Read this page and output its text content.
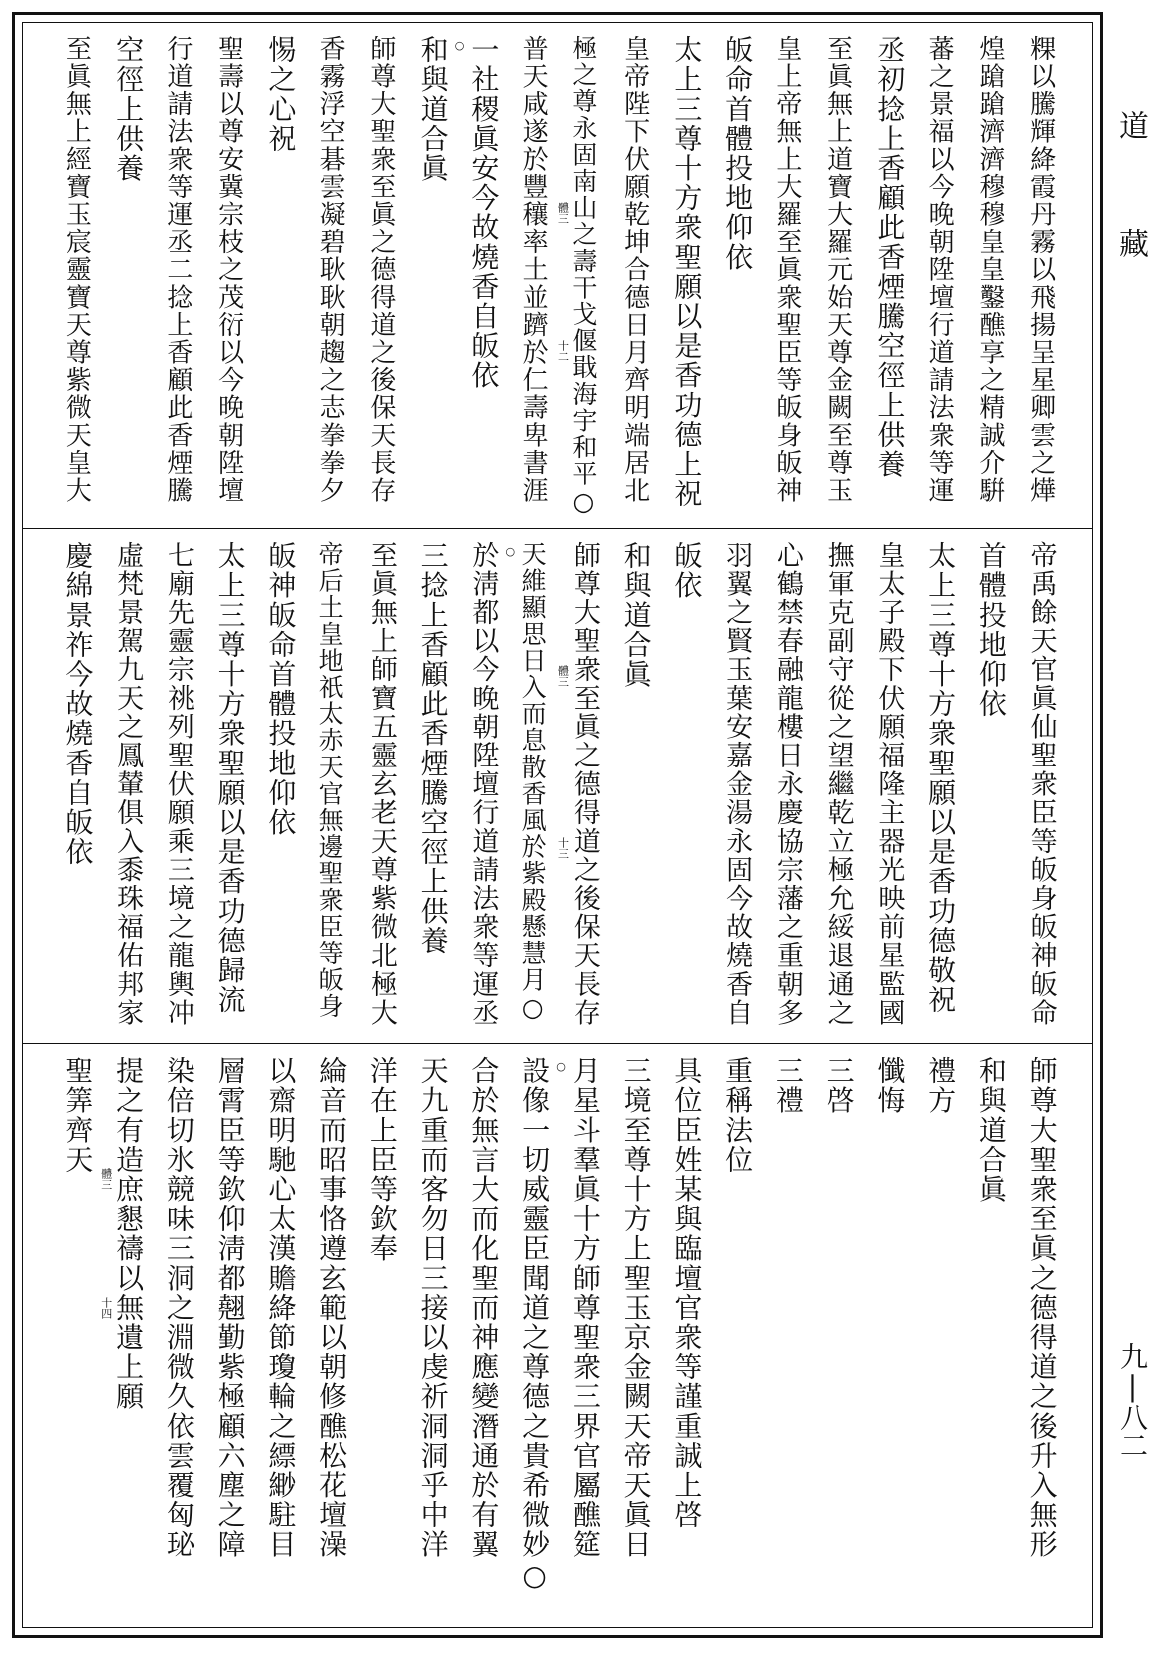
粿以騰輝絳霞丹霧以飛揚呈星卿雲之燁
煌蹌蹌濟濟穆穆皇皇鑿醮享之精誠介騈
蕃之景福以今晚朝陞壇行道請法衆等運
丞初捻上香顧此香煙騰空徑上供養
至眞無上道寶大羅元始天尊金闕至尊玉
皇上帝無上大羅至眞衆聖臣等皈身皈神
皈命首體投地仰依
太上三尊十方衆聖願以是香功德上祝
皇帝陛下伏願乾坤合德日月齊明端居北
極之尊永固南山之壽干戈偃戢海宇和平○
普天咸遂於豐穰率土並躋於仁壽卑書涯
一社稷眞安今故燒香自皈依
和與道合眞
師尊大聖衆至眞之德得道之後保天長存
香霧浮空碁雲凝碧耿耿朝趨之志拳拳夕
惕之心祝
聖壽以尊安冀宗枝之茂衍以今晚朝陞壇
行道請法衆等運丞二捻上香顧此香煙騰
空徑上供養
至眞無上經寶玉宸靈寶天尊紫微天皇大	十二
體三
○
帝禹餘天官眞仙聖衆臣等皈身皈神皈命
首體投地仰依
太上三尊十方衆聖願以是香功德敬祝
皇太子殿下伏願福隆主器光映前星監國
撫軍克副守從之望繼乾立極允綏退通之
心鶴禁春融龍樓日永慶協宗藩之重朝多
羽翼之賢玉葉安嘉金湯永固今故燒香自
皈依
和與道合眞
師尊大聖衆至眞之德得道之後保天長存
天維顯思日入而息散香風於紫殿懸慧月○
於淸都以今晚朝陞壇行道請法衆等運丞
三捻上香顧此香煙騰空徑上供養
至眞無上師寶五靈玄老天尊紫微北極大
帝后土皇地祇太赤天官無邊聖衆臣等皈身
皈神皈命首體投地仰依
太上三尊十方衆聖願以是香功德歸流
七廟先靈宗祧列聖伏願乘三境之龍輿冲
虛梵景駕九天之鳳輦俱入黍珠福佑邦家
慶綿景祚今故燒香自皈依	十三
體三
○
師尊大聖衆至眞之德得道之後升入無形
和與道合眞
禮方
懺悔
三啓
三禮
重稱法位
具位臣姓某與臨壇官衆等謹重誠上啓
三境至尊十方上聖玉京金闕天帝天眞日
月星斗羣眞十方師尊聖衆三界官屬醮筵
設像一切威靈臣聞道之尊德之貴希微妙○
合於無言大而化聖而神應變潛通於有翼
天九重而客勿日三接以虔祈洞洞乎中洋
洋在上臣等欽奉
綸音而昭事恪遵玄範以朝修醮松花壇澡
以齋明馳心太漢贍絳節瓊輪之縹緲駐目
層霄臣等欽仰淸都翹勤紫極顧六塵之障
染倍切氷競味三洞之淵微久依雲覆匈珌
提之有造庶懇禱以無遺上願
聖筭齊天
體三
十四
○
道
藏
九|八二
